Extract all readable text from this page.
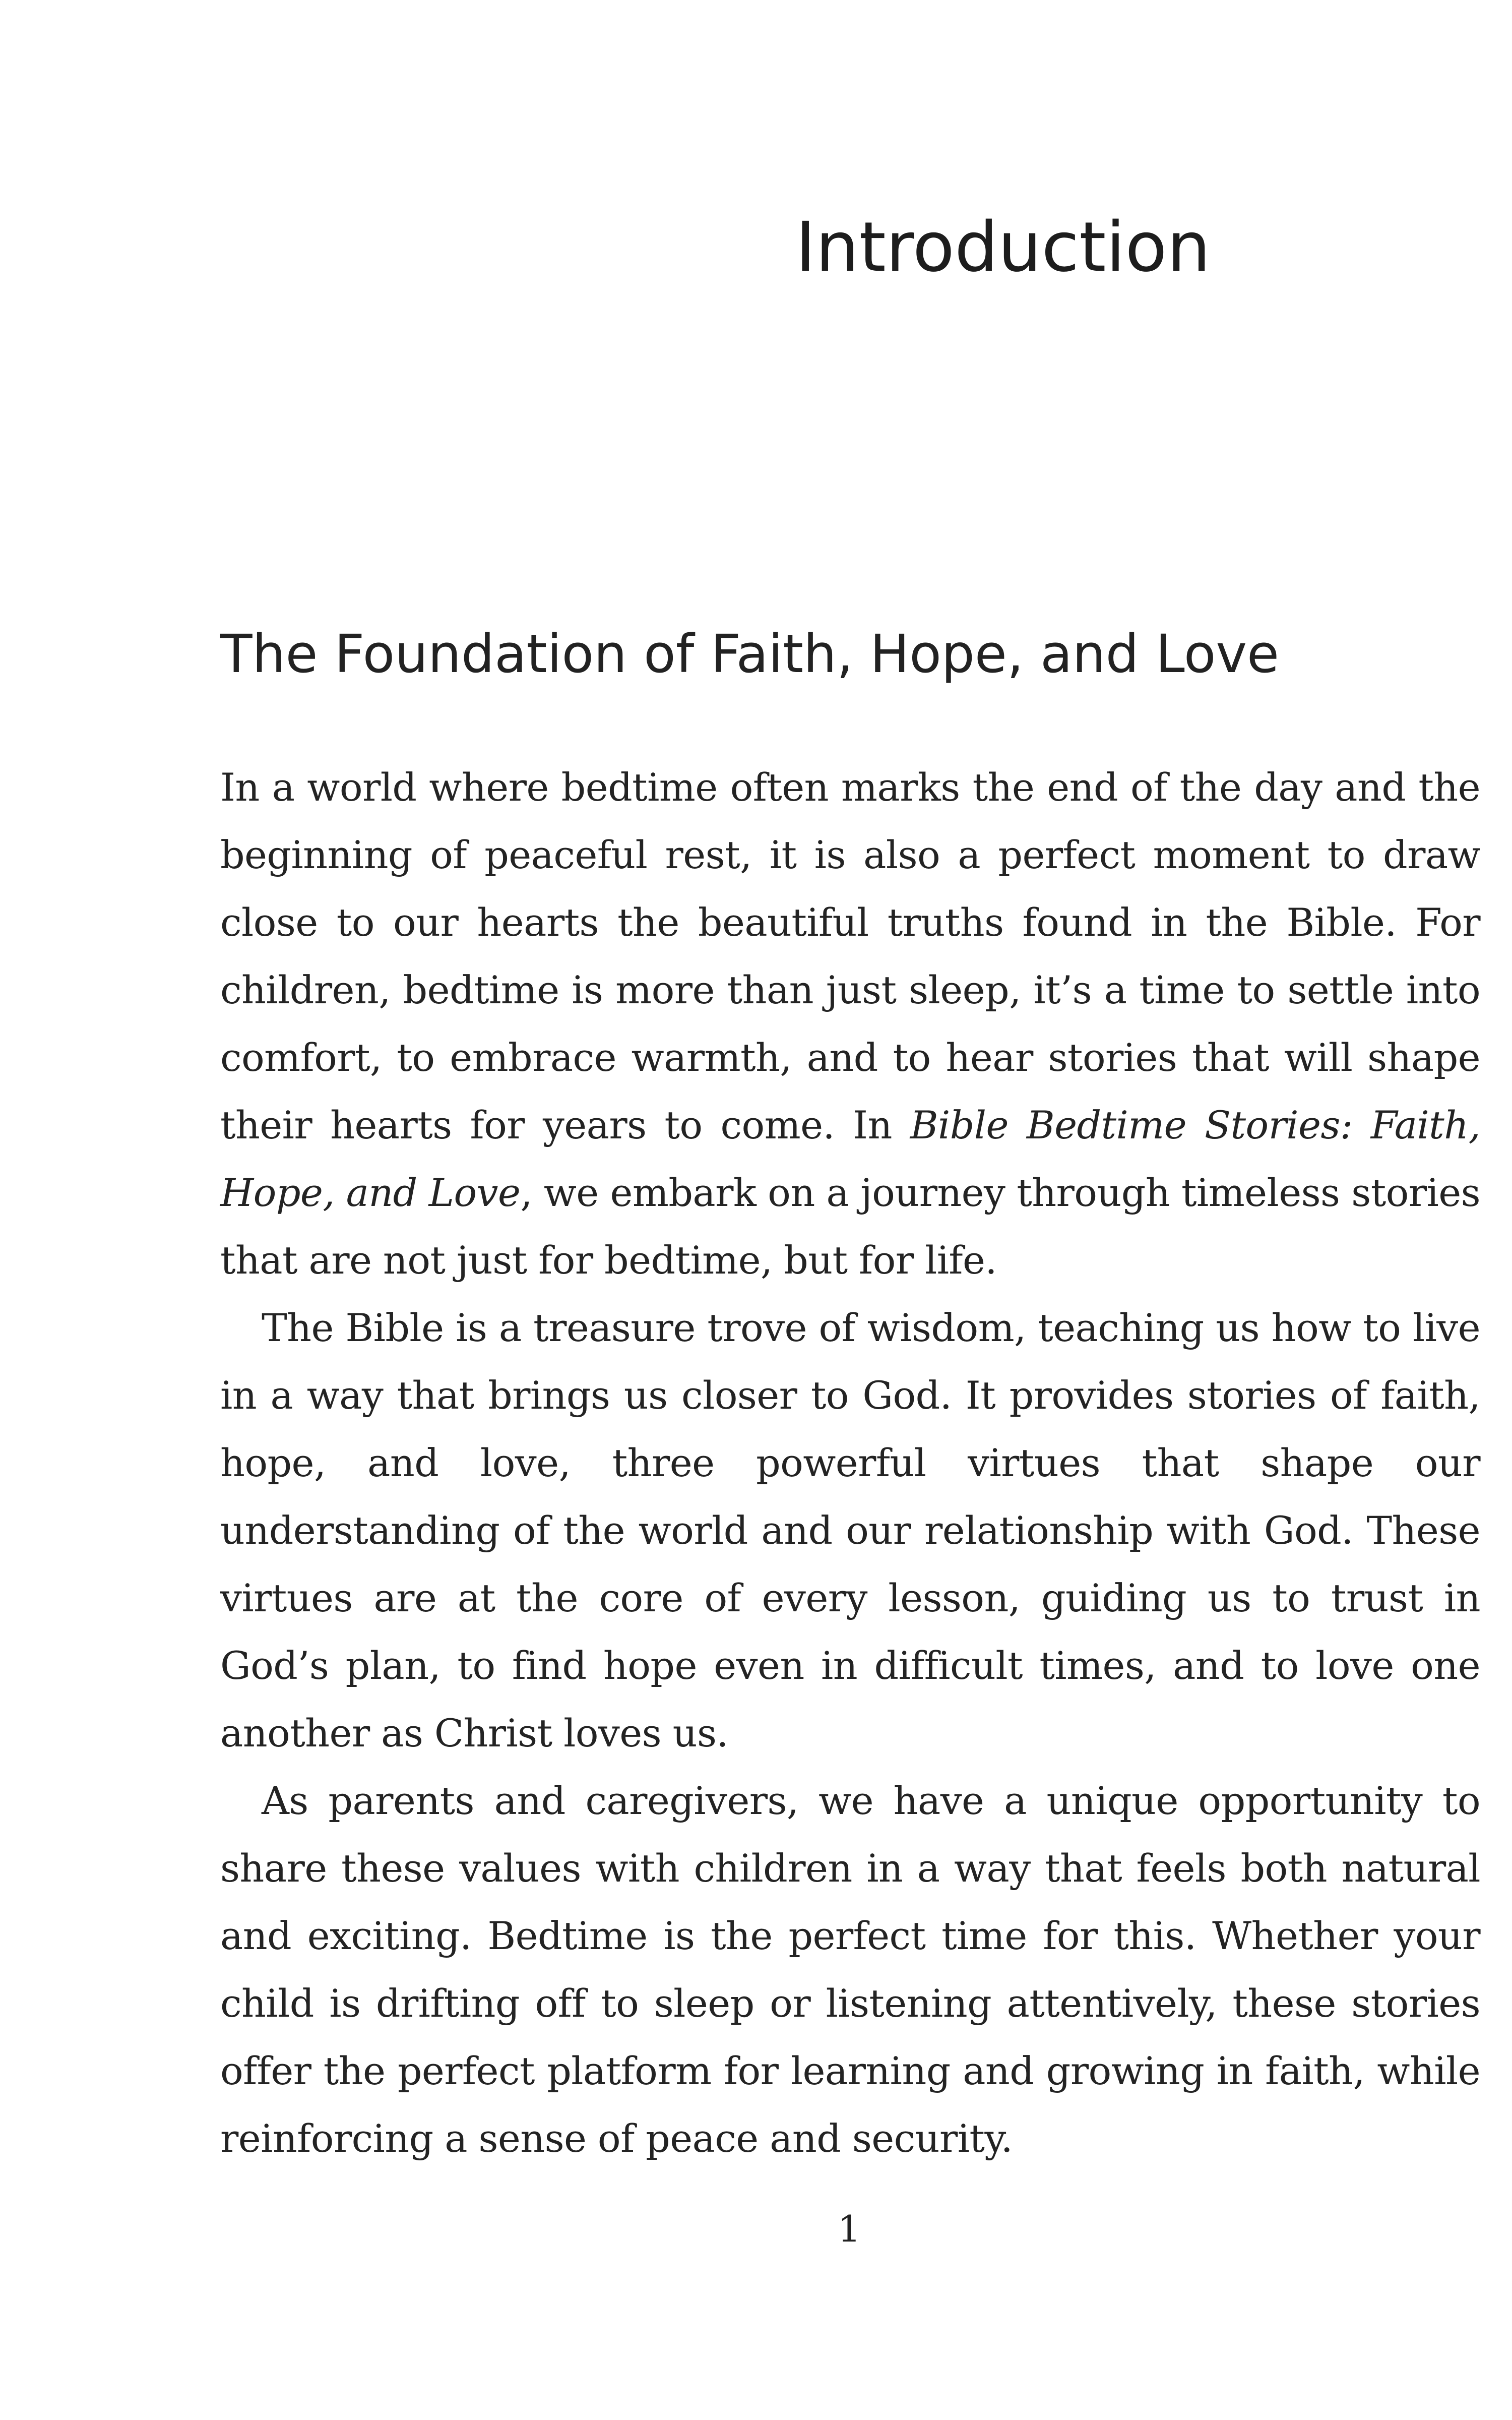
Introduction
The Foundation of Faith, Hope, and Love

In a world where bedtime often marks the end of the day and the beginning of peaceful rest, it is also a perfect moment to draw close to our hearts the beautiful truths found in the Bible. For children, bedtime is more than just sleep, it’s a time to settle into comfort, to embrace warmth, and to hear stories that will shape their hearts for years to come. In Bible Bedtime Stories: Faith, Hope, and Love, we embark on a journey through timeless stories that are not just for bedtime, but for life.

The Bible is a treasure trove of wisdom, teaching us how to live in a way that brings us closer to God. It provides stories of faith, hope, and love, three powerful virtues that shape our understanding of the world and our relationship with God. These virtues are at the core of every lesson, guiding us to trust in God’s plan, to find hope even in difficult times, and to love one another as Christ loves us.

As parents and caregivers, we have a unique opportunity to share these values with children in a way that feels both natural and exciting. Bedtime is the perfect time for this. Whether your child is drifting off to sleep or listening attentively, these stories offer the perfect platform for learning and growing in faith, while reinforcing a sense of peace and security.

1
